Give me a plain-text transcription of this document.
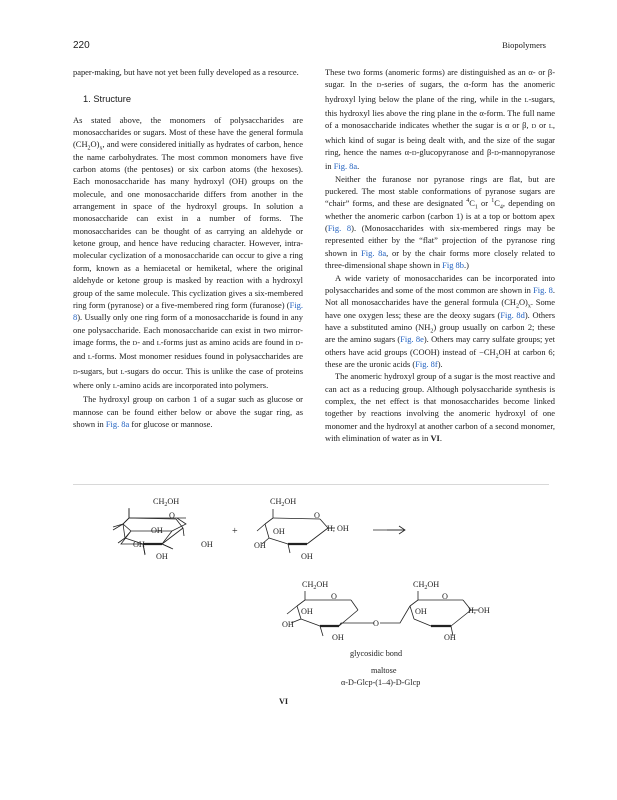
220	Biopolymers

paper-making, but have not yet been fully developed as a resource.

1. Structure

As stated above, the monomers of polysaccharides are monosaccharides or sugars. Most of these have the general formula $(CH_2O)_x$, and were considered initially as hydrates of carbon, hence the name carbohydrates. The most common monomers have five carbon atoms (the pentoses) or six carbon atoms (the hexoses). Each monosaccharide has many hydroxyl (OH) groups on the molecule, and one monosaccharide differs from another in the arrangement in space of the hydroxyl groups. In solution a monosaccharide can exist in a number of forms. The monosaccharides can be thought of as carrying an aldehyde or ketone group, and hence have reducing character. However, intra-molecular cyclization of a monosaccharide can occur to give a ring form, known as a hemiacetal or hemiketal, where the original aldehyde or ketone group is masked by reaction with a hydroxyl group of the same molecule. This cyclization gives a six-membered ring form (pyranose) or a five-membered ring form (furanose) (Fig. 8). Usually only one ring form of a monosaccharide is found in any one polysaccharide. Each monosaccharide can exist in two mirror-image forms, the D- and L-forms just as amino acids are found in D- and L-forms. Most monomer residues found in polysaccharides are D-sugars, but L-sugars do occur. This is unlike the case of proteins where only L-amino acids are incorporated into polymers.

The hydroxyl group on carbon 1 of a sugar such as glucose or mannose can be found either below or above the sugar ring, as shown in Fig. 8a for glucose or mannose.

These two forms (anomeric forms) are distinguished as an α- or β-sugar. In the D-series of sugars, the α-form has the anomeric hydroxyl lying below the plane of the ring, while in the L-sugars, this hydroxyl lies above the ring plane in the α-form. The full name of a monosaccharide indicates whether the sugar is α or β, D or L, which kind of sugar is being dealt with, and the size of the sugar ring, hence the names α-D-glucopyranose and β-D-mannopyranose in Fig. 8a.

Neither the furanose nor pyranose rings are flat, but are puckered. The most stable conformations of pyranose sugars are “chair” forms, and these are designated $^4C_1$ or $^1C_4$, depending on whether the anomeric carbon (carbon 1) is at a top or bottom apex (Fig. 8). (Monosaccharides with six-membered rings may be represented either by the “flat” projection of the pyranose ring shown in Fig. 8a, or by the chair forms more closely related to three-dimensional shape shown in Fig 8b.)

A wide variety of monosaccharides can be incorporated into polysaccharides and some of the most common are shown in Fig. 8. Not all monosaccharides have the general formula $(CH_2O)_x$. Some have one oxygen less; these are the deoxy sugars (Fig. 8d). Others have a substituted amino $(NH_2)$ group usually on carbon 2; these are the amino sugars (Fig. 8e). Others may carry sulfate groups; yet others have acid groups (COOH) instead of $-CH_2OH$ at carbon 6; these are the uronic acids (Fig. 8f).

The anomeric hydroxyl group of a sugar is the most reactive and can act as a reducing group. Although polysaccharide synthesis is complex, the net effect is that monosaccharides become linked together by reactions involving the anomeric hydroxyl of one monomer and the hydroxyl at another carbon of a second monomer, with elimination of water as in VI.

$CH_2OH$
O
OH
OH	OH
OH
+
$CH_2OH$
O
OH
OH
OH
H, OH
$CH_2OH$
O
OH
OH
OH
O
$CH_2OH$
O
OH
OH
H, OH
glycosidic bond
maltose
α-D-Glcp-(1–4)-D-Glcp
VI
